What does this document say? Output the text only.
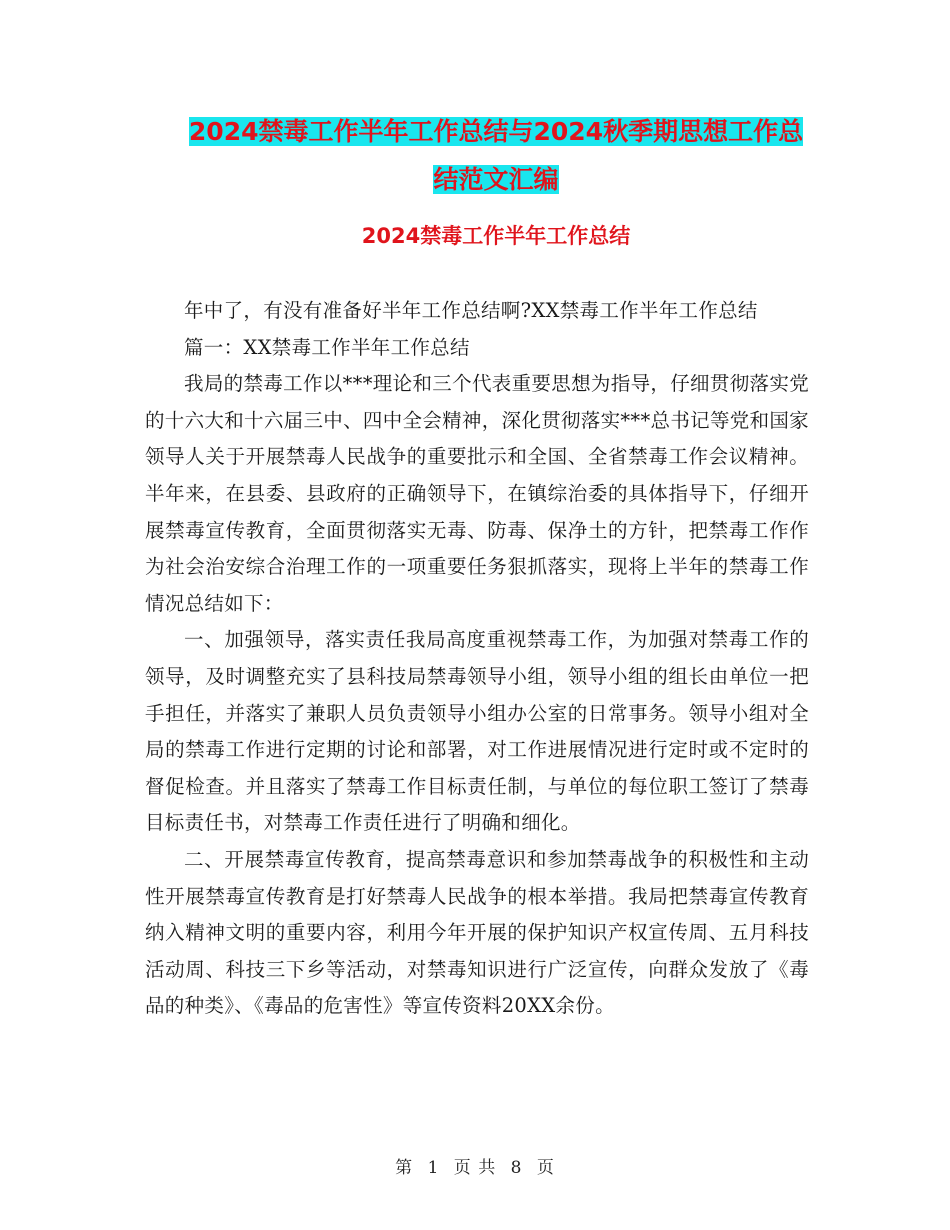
2024禁毒工作半年工作总结与2024秋季期思想工作总
结范文汇编
2024禁毒工作半年工作总结

年中了，有没有准备好半年工作总结啊?XX禁毒工作半年工作总结

篇一：XX禁毒工作半年工作总结

我局的禁毒工作以***理论和三个代表重要思想为指导，仔细贯彻落实党的十六大和十六届三中、四中全会精神，深化贯彻落实***总书记等党和国家领导人关于开展禁毒人民战争的重要批示和全国、全省禁毒工作会议精神。半年来，在县委、县政府的正确领导下，在镇综治委的具体指导下，仔细开展禁毒宣传教育，全面贯彻落实无毒、防毒、保净土的方针，把禁毒工作作为社会治安综合治理工作的一项重要任务狠抓落实，现将上半年的禁毒工作情况总结如下：

一、加强领导，落实责任我局高度重视禁毒工作，为加强对禁毒工作的领导，及时调整充实了县科技局禁毒领导小组，领导小组的组长由单位一把手担任，并落实了兼职人员负责领导小组办公室的日常事务。领导小组对全局的禁毒工作进行定期的讨论和部署，对工作进展情况进行定时或不定时的督促检查。并且落实了禁毒工作目标责任制，与单位的每位职工签订了禁毒目标责任书，对禁毒工作责任进行了明确和细化。

二、开展禁毒宣传教育，提高禁毒意识和参加禁毒战争的积极性和主动性开展禁毒宣传教育是打好禁毒人民战争的根本举措。我局把禁毒宣传教育纳入精神文明的重要内容，利用今年开展的保护知识产权宣传周、五月科技活动周、科技三下乡等活动，对禁毒知识进行广泛宣传，向群众发放了《毒品的种类》、《毒品的危害性》等宣传资料20XX余份。

第 1 页 共 8 页
